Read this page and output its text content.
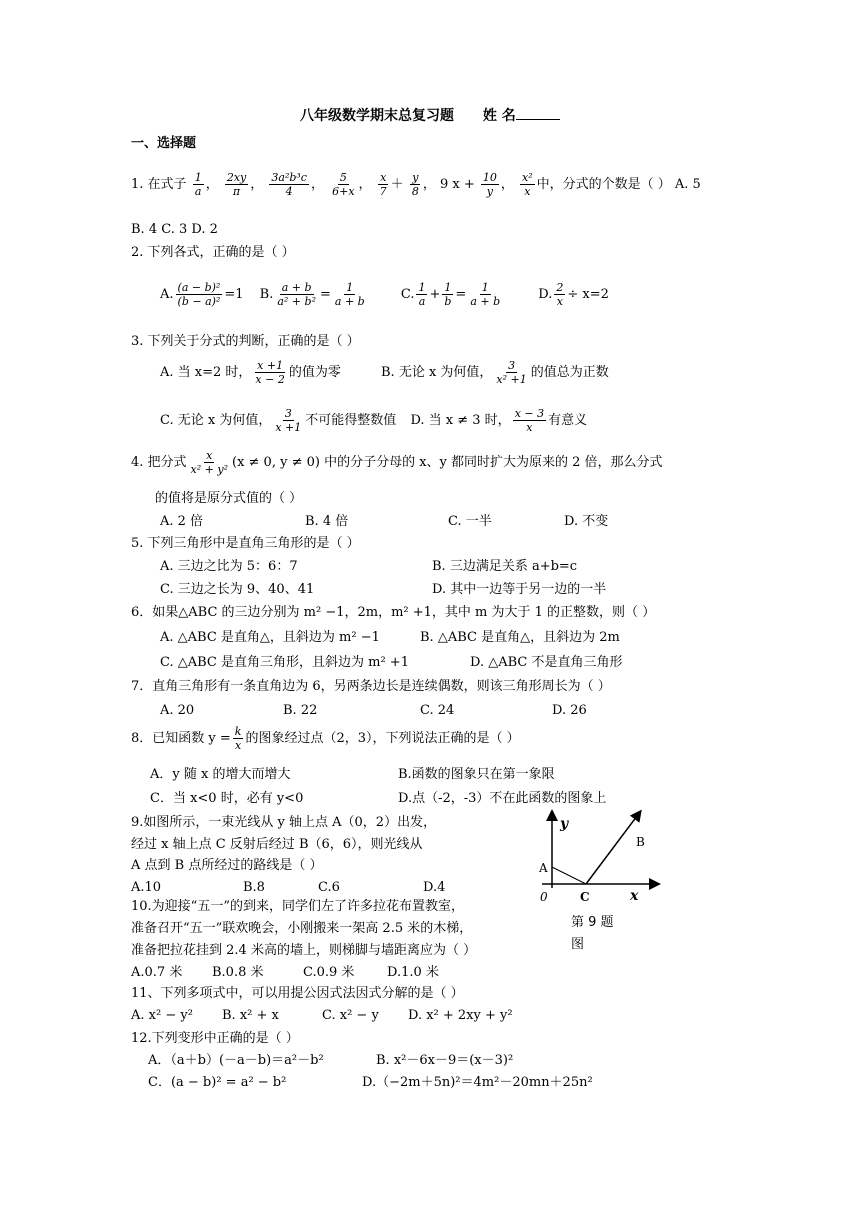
八年级数学期末总复习题 姓 名
一、选择题
1. 在式子 $\frac{1}{a}$ ， $\frac{2xy}{\pi}$ ， $\frac{\text{3a²b³c}}{4}$ ， $\frac{5}{6+x}$ ， $\frac{x}{7} + \frac{y}{8}$ ， 9 $x + \frac{10}{y}$ ， $\frac{\text{x²}}{x}$ 中，分式的个数是（ ） A. 5
B. 4 C. 3 D. 2
2. 下列各式，正确的是（ ）
A. $\frac{\text{(a − b)²}}{\text{(b − a)²}} =1$ B. $\frac{a + b}{\text{a² + b²}} = \frac{1}{a + b}$	C. $\frac{1}{a} + \frac{1}{b} = \frac{1}{a + b}$	D. $\frac{2}{x} \div x=2$
3. 下列关于分式的判断，正确的是（ ）
A. 当 x=2 时， $\frac{x +1}{x - 2}$ 的值为零	B. 无论 x 为何值， $\frac{3}{\text{x² +1}}$ 的值总为正数
C. 无论 x 为何值， $\frac{3}{x +1}$ 不可能得整数值 D. 当 x ≠ 3 时， $\frac{x - 3}{x}$ 有意义
4. 把分式 $\frac{x}{\text{x² + y²}} (x \ne 0$, y ≠ 0) 中的分子分母的 x、y 都同时扩大为原来的 2 倍，那么分式
的值将是原分式值的（ ）
A. 2 倍	B. 4 倍	C. 一半	D. 不变
5. 下列三角形中是直角三角形的是（ ）
A. 三边之比为 5：6：7	B. 三边满足关系 a+b=c
C. 三边之长为 9、40、41	D. 其中一边等于另一边的一半
6．如果△ABC 的三边分别为 m² −1，2m，m² +1，其中 m 为大于 1 的正整数，则（ ）
A. △ABC 是直角△，且斜边为 m² −1	B. △ABC 是直角△，且斜边为 2m
C. △ABC 是直角三角形，且斜边为 m² +1	D. △ABC 不是直角三角形
7．直角三角形有一条直角边为 6，另两条边长是连续偶数，则该三角形周长为（ ）
A. 20	B. 22	C. 24	D. 26
8．已知函数 $y = \frac{k}{x}$ 的图象经过点（2，3），下列说法正确的是（ ）
A．y 随 x 的增大而增大	B.函数的图象只在第一象限
C．当 x<0 时，必有 y<0	D.点（-2，-3）不在此函数的图象上
9.如图所示，一束光线从 y 轴上点 A（0，2）出发，
经过 x 轴上点 C 反射后经过 B（6，6），则光线从
A 点到 B 点所经过的路线是（ ）
A.10	B.8	C.6	D.4
y
x
A
B
C
0
第 9 题
图
10.为迎接“五一”的到来，同学们左了许多拉花布置教室，
准备召开“五一”联欢晚会，小刚搬来一架高 2.5 米的木梯，
准备把拉花挂到 2.4 米高的墙上，则梯脚与墙距离应为（ ）
A.0.7 米 B.0.8 米	C.0.9 米	D.1.0 米
11、下列多项式中，可以用提公因式法因式分解的是（ ）
A. x² − y² B. x² + x	C. x² − y D. x² + 2xy + y²
12.下列变形中正确的是（ ）
A．（a＋b）(－a－b)＝a²－b²	B. x²－6x－9＝(x－3)²
C．(a − b)² = a² − b²	D.（−2m＋5n)²＝4m²－20mn＋25n²
